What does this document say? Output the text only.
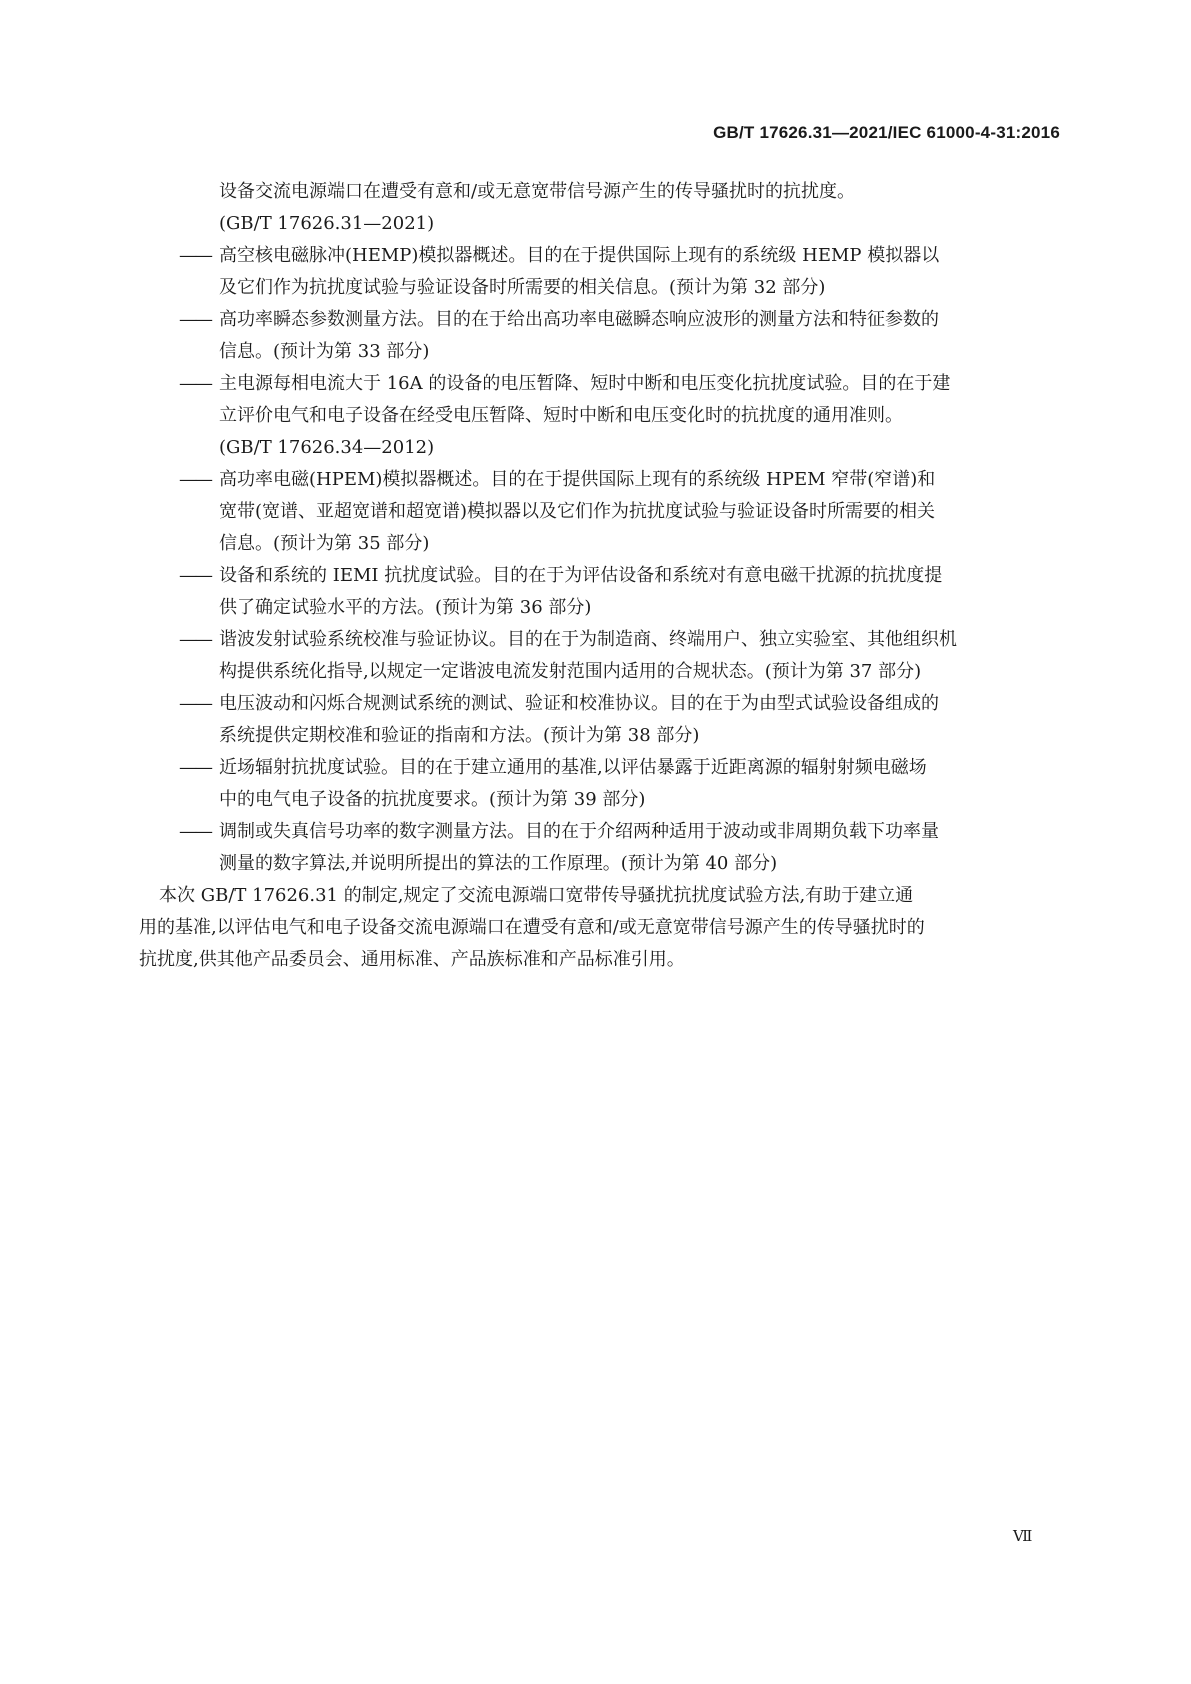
GB/T 17626.31—2021/IEC 61000-4-31:2016
设备交流电源端口在遭受有意和/或无意宽带信号源产生的传导骚扰时的抗扰度。
(GB/T 17626.31—2021)
—— 高空核电磁脉冲(HEMP)模拟器概述。目的在于提供国际上现有的系统级 HEMP 模拟器以
及它们作为抗扰度试验与验证设备时所需要的相关信息。(预计为第 32 部分)
—— 高功率瞬态参数测量方法。目的在于给出高功率电磁瞬态响应波形的测量方法和特征参数的
信息。(预计为第 33 部分)
—— 主电源每相电流大于 16A 的设备的电压暂降、短时中断和电压变化抗扰度试验。目的在于建
立评价电气和电子设备在经受电压暂降、短时中断和电压变化时的抗扰度的通用准则。
(GB/T 17626.34—2012)
—— 高功率电磁(HPEM)模拟器概述。目的在于提供国际上现有的系统级 HPEM 窄带(窄谱)和
宽带(宽谱、亚超宽谱和超宽谱)模拟器以及它们作为抗扰度试验与验证设备时所需要的相关
信息。(预计为第 35 部分)
—— 设备和系统的 IEMI 抗扰度试验。目的在于为评估设备和系统对有意电磁干扰源的抗扰度提
供了确定试验水平的方法。(预计为第 36 部分)
—— 谐波发射试验系统校准与验证协议。目的在于为制造商、终端用户、独立实验室、其他组织机
构提供系统化指导,以规定一定谐波电流发射范围内适用的合规状态。(预计为第 37 部分)
—— 电压波动和闪烁合规测试系统的测试、验证和校准协议。目的在于为由型式试验设备组成的
系统提供定期校准和验证的指南和方法。(预计为第 38 部分)
—— 近场辐射抗扰度试验。目的在于建立通用的基准,以评估暴露于近距离源的辐射射频电磁场
中的电气电子设备的抗扰度要求。(预计为第 39 部分)
—— 调制或失真信号功率的数字测量方法。目的在于介绍两种适用于波动或非周期负载下功率量
测量的数字算法,并说明所提出的算法的工作原理。(预计为第 40 部分)
本次 GB/T 17626.31 的制定,规定了交流电源端口宽带传导骚扰抗扰度试验方法,有助于建立通
用的基准,以评估电气和电子设备交流电源端口在遭受有意和/或无意宽带信号源产生的传导骚扰时的
抗扰度,供其他产品委员会、通用标准、产品族标准和产品标准引用。
Ⅶ
